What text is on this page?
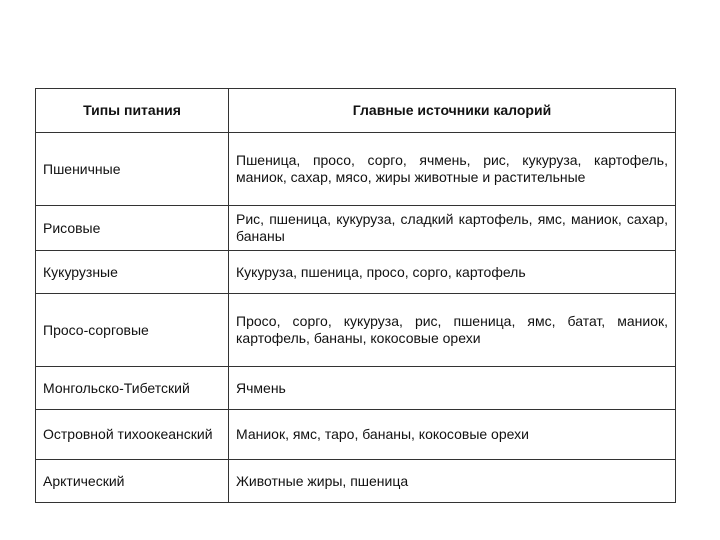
Типы питания	Главные источники калорий
Пшеничные	Пшеница, просо, сорго, ячмень, рис, кукуруза, картофель, маниок, сахар, мясо, жиры животные и растительные
Рисовые	Рис, пшеница, кукуруза, сладкий картофель, ямс, маниок, сахар, бананы
Кукурузные	Кукуруза, пшеница, просо, сорго, картофель
Просо-сорговые	Просо, сорго, кукуруза, рис, пшеница, ямс, батат, маниок, картофель, бананы, кокосовые орехи
Монгольско-Тибетский	Ячмень
Островной тихоокеанский	Маниок, ямс, таро, бананы, кокосовые орехи
Арктический	Животные жиры, пшеница
